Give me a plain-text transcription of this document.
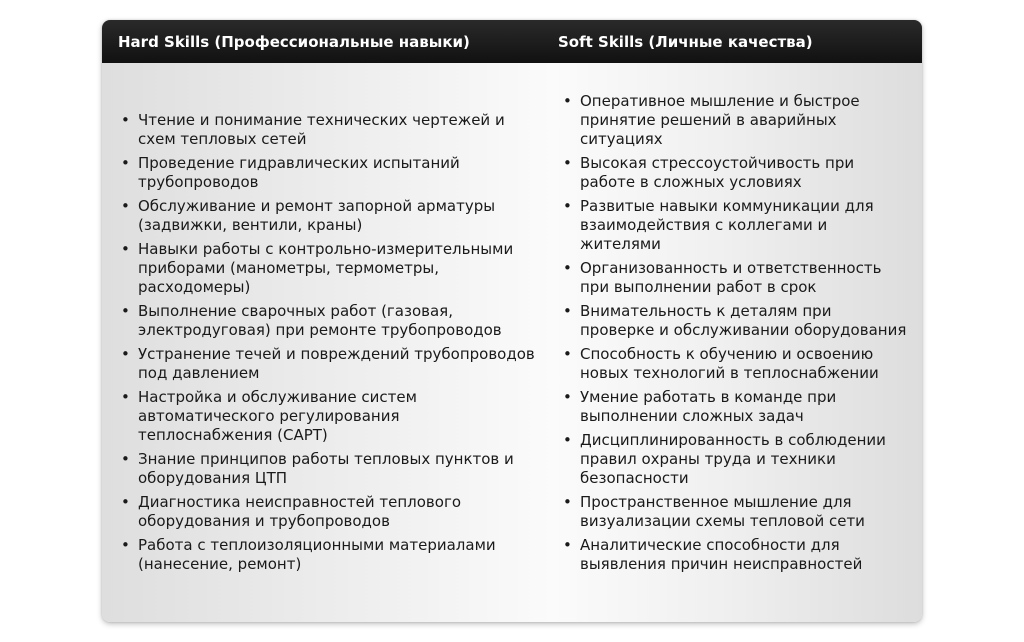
Hard Skills (Профессиональные навыки)	Soft Skills (Личные качества)
• Чтение и понимание технических чертежей и схем тепловых сетей
• Проведение гидравлических испытаний трубопроводов
• Обслуживание и ремонт запорной арматуры (задвижки, вентили, краны)
• Навыки работы с контрольно-измерительными приборами (манометры, термометры, расходомеры)
• Выполнение сварочных работ (газовая, электродуговая) при ремонте трубопроводов
• Устранение течей и повреждений трубопроводов под давлением
• Настройка и обслуживание систем автоматического регулирования теплоснабжения (САРТ)
• Знание принципов работы тепловых пунктов и оборудования ЦТП
• Диагностика неисправностей теплового оборудования и трубопроводов
• Работа с теплоизоляционными материалами (нанесение, ремонт)
• Оперативное мышление и быстрое принятие решений в аварийных ситуациях
• Высокая стрессоустойчивость при работе в сложных условиях
• Развитые навыки коммуникации для взаимодействия с коллегами и жителями
• Организованность и ответственность при выполнении работ в срок
• Внимательность к деталям при проверке и обслуживании оборудования
• Способность к обучению и освоению новых технологий в теплоснабжении
• Умение работать в команде при выполнении сложных задач
• Дисциплинированность в соблюдении правил охраны труда и техники безопасности
• Пространственное мышление для визуализации схемы тепловой сети
• Аналитические способности для выявления причин неисправностей
